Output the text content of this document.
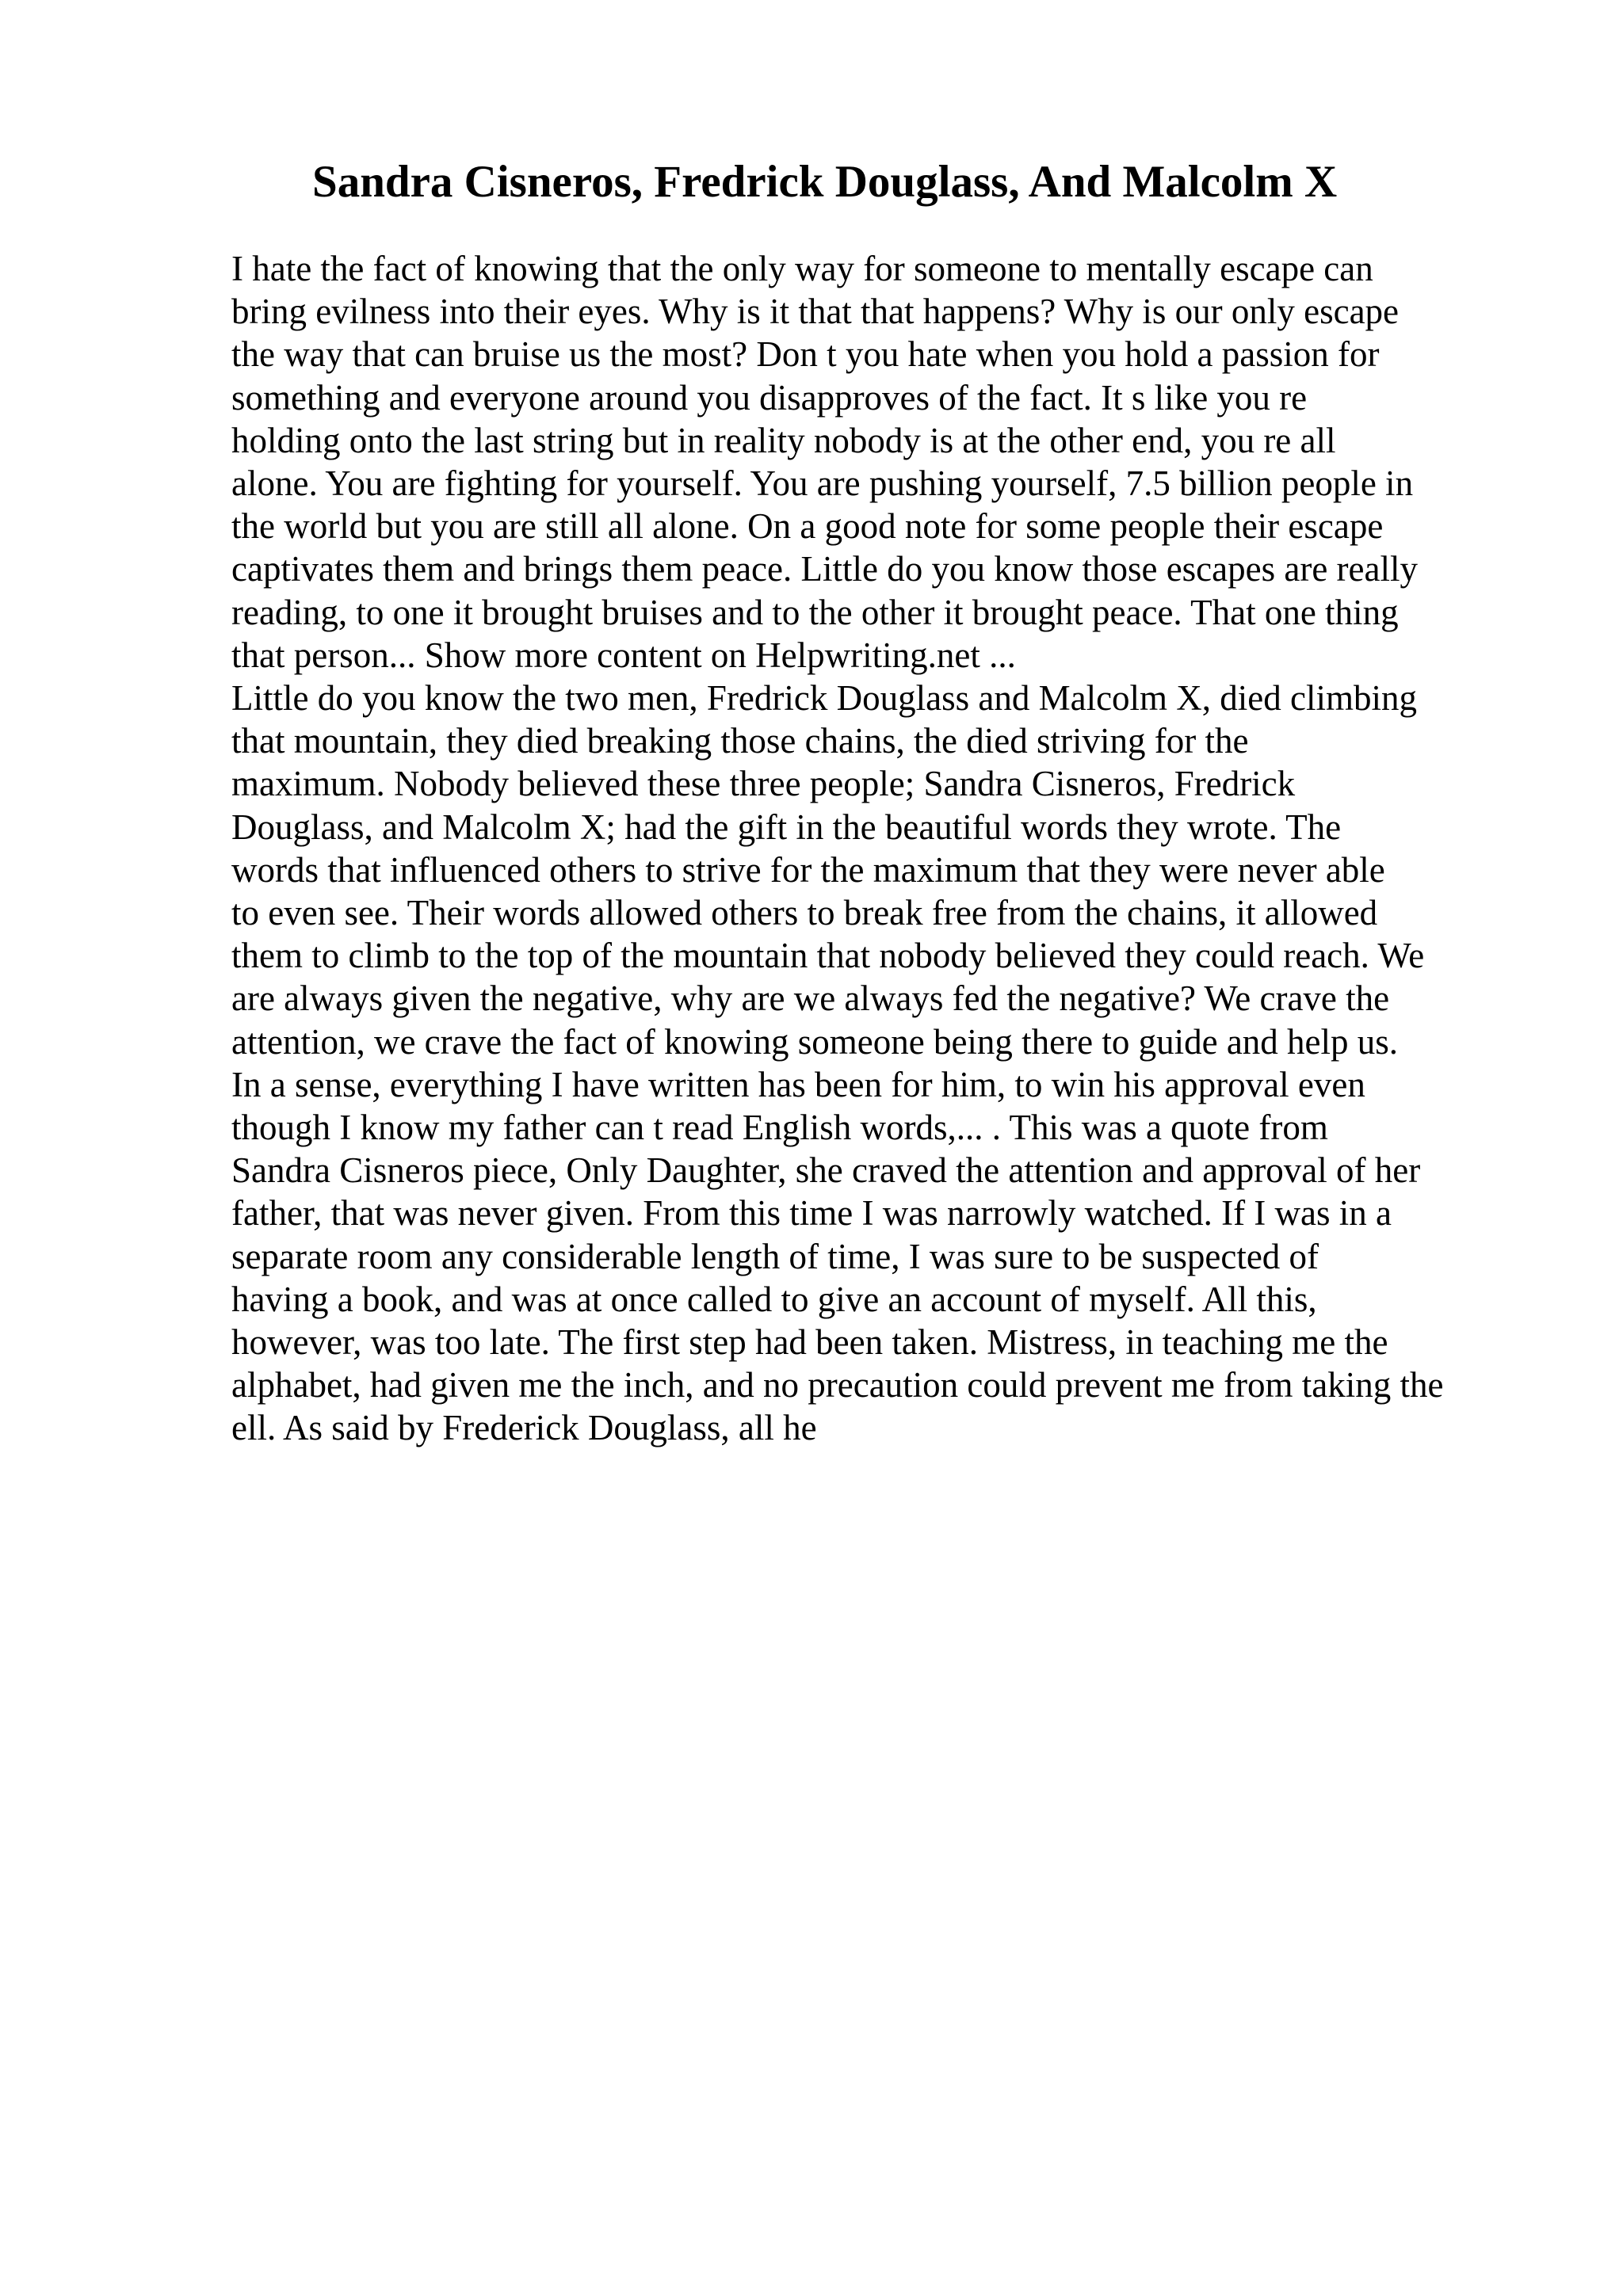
Sandra Cisneros, Fredrick Douglass, And Malcolm X
I hate the fact of knowing that the only way for someone to mentally escape can
bring evilness into their eyes. Why is it that that happens? Why is our only escape
the way that can bruise us the most? Don t you hate when you hold a passion for
something and everyone around you disapproves of the fact. It s like you re
holding onto the last string but in reality nobody is at the other end, you re all
alone. You are fighting for yourself. You are pushing yourself, 7.5 billion people in
the world but you are still all alone. On a good note for some people their escape
captivates them and brings them peace. Little do you know those escapes are really
reading, to one it brought bruises and to the other it brought peace. That one thing
that person... Show more content on Helpwriting.net ...
Little do you know the two men, Fredrick Douglass and Malcolm X, died climbing
that mountain, they died breaking those chains, the died striving for the
maximum. Nobody believed these three people; Sandra Cisneros, Fredrick
Douglass, and Malcolm X; had the gift in the beautiful words they wrote. The
words that influenced others to strive for the maximum that they were never able
to even see. Their words allowed others to break free from the chains, it allowed
them to climb to the top of the mountain that nobody believed they could reach. We
are always given the negative, why are we always fed the negative? We crave the
attention, we crave the fact of knowing someone being there to guide and help us.
In a sense, everything I have written has been for him, to win his approval even
though I know my father can t read English words,... . This was a quote from
Sandra Cisneros piece, Only Daughter, she craved the attention and approval of her
father, that was never given. From this time I was narrowly watched. If I was in a
separate room any considerable length of time, I was sure to be suspected of
having a book, and was at once called to give an account of myself. All this,
however, was too late. The first step had been taken. Mistress, in teaching me the
alphabet, had given me the inch, and no precaution could prevent me from taking the
ell. As said by Frederick Douglass, all he
